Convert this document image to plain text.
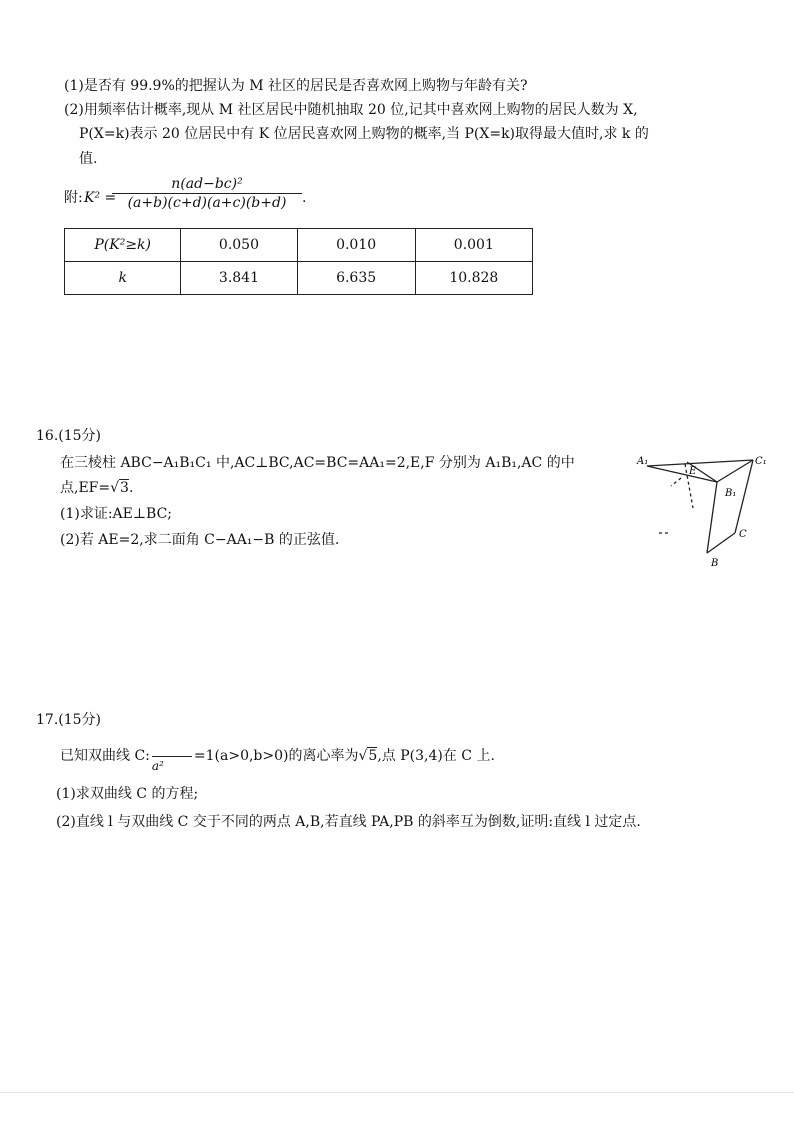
(1)是否有 99.9%的把握认为 M 社区的居民是否喜欢网上购物与年龄有关?
(2)用频率估计概率,现从 M 社区居民中随机抽取 20 位,记其中喜欢网上购物的居民人数为 X,
P(X=k)表示 20 位居民中有 K 位居民喜欢网上购物的概率,当 P(X=k)取得最大值时,求 k 的
值.
附: K² =
$\frac{\text{n(ad−bc)²}}{(a+b)(c+d)(a+c)(b+d)}$ .
P(K²≥k)	0.050	0.010	0.001
k	3.841	6.635	10.828
16.(15分)
在三棱柱 ABC−A₁B₁C₁ 中,AC⊥BC,AC=BC=AA₁=2,E,F 分别为 A₁B₁,AC 的中
点,EF=√3.
(1)求证:AE⊥BC;
(2)若 AE=2,求二面角 C−AA₁−B 的正弦值.
A₁
E
C₁
B₁
C
B
17.(15分)
已知双曲线 C:
a²
=1(a>0,b>0)的离心率为√5,点 P(3,4)在 C 上.
(1)求双曲线 C 的方程;
(2)直线 l 与双曲线 C 交于不同的两点 A,B,若直线 PA,PB 的斜率互为倒数,证明:直线 l 过定点.
